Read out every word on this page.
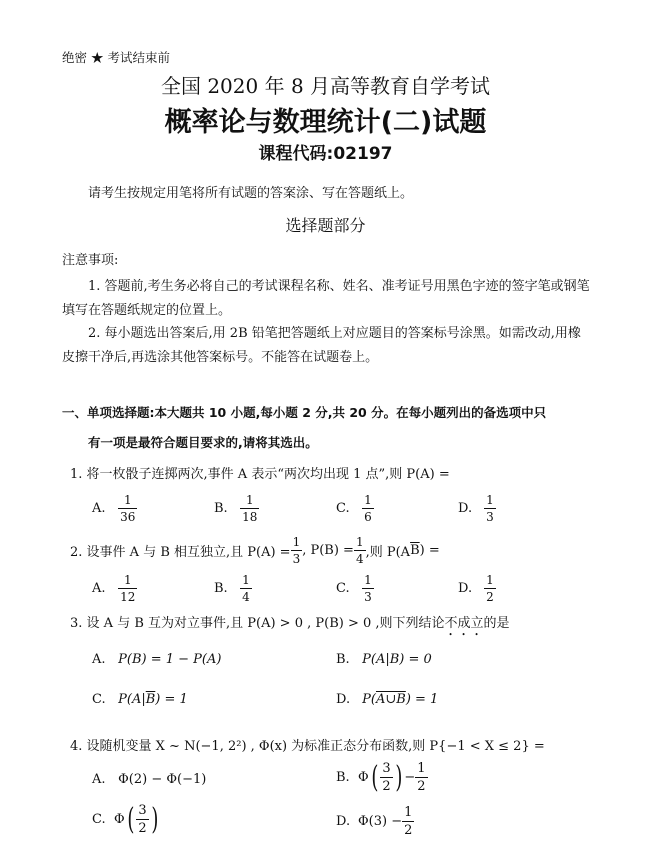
绝密 ★ 考试结束前
全国 2020 年 8 月高等教育自学考试
概率论与数理统计(二)试题
课程代码:02197
请考生按规定用笔将所有试题的答案涂、写在答题纸上。
选择题部分
注意事项:
1. 答题前,考生务必将自己的考试课程名称、姓名、准考证号用黑色字迹的签字笔或钢笔
填写在答题纸规定的位置上。
2. 每小题选出答案后,用 2B 铅笔把答题纸上对应题目的答案标号涂黑。如需改动,用橡
皮擦干净后,再选涂其他答案标号。不能答在试题卷上。
一、单项选择题:本大题共 10 小题,每小题 2 分,共 20 分。在每小题列出的备选项中只
有一项是最符合题目要求的,请将其选出。
1. 将一枚骰子连掷两次,事件 A 表示“两次均出现 1 点”,则 P(A) =
A. $\frac{1}{36}$	B. $\frac{1}{18}$	C. $\frac{1}{6}$	D. $\frac{1}{3}$
2. 设事件 A 与 B 相互独立,且 $P(A) = \frac{1}{3}$ , $P(B) = \frac{1}{4}$ ,则 P(A $\overline{B}$ ) =
A. $\frac{1}{12}$	B. $\frac{1}{4}$	C. $\frac{1}{3}$	D. $\frac{1}{2}$
3. 设 A 与 B 互为对立事件,且 P(A) > 0 , P(B) > 0 ,则下列结论不成立的是
A. P(B) = 1 − P(A)	B. P(A|B) = 0
C. $P(A|\overline{B}) = 1$	D. P(A∪B) = 1
4. 设随机变量 X ~ N(−1, 2²) , Φ(x) 为标准正态分布函数,则 P{−1 < X ≤ 2} =
A. Φ(2) − Φ(−1)	B. Φ ( $\frac{3}{2}$ ) − $\frac{1}{2}$
C. Φ ( $\frac{3}{2}$ )	D. $\Phi(3) - \frac{1}{2}$
